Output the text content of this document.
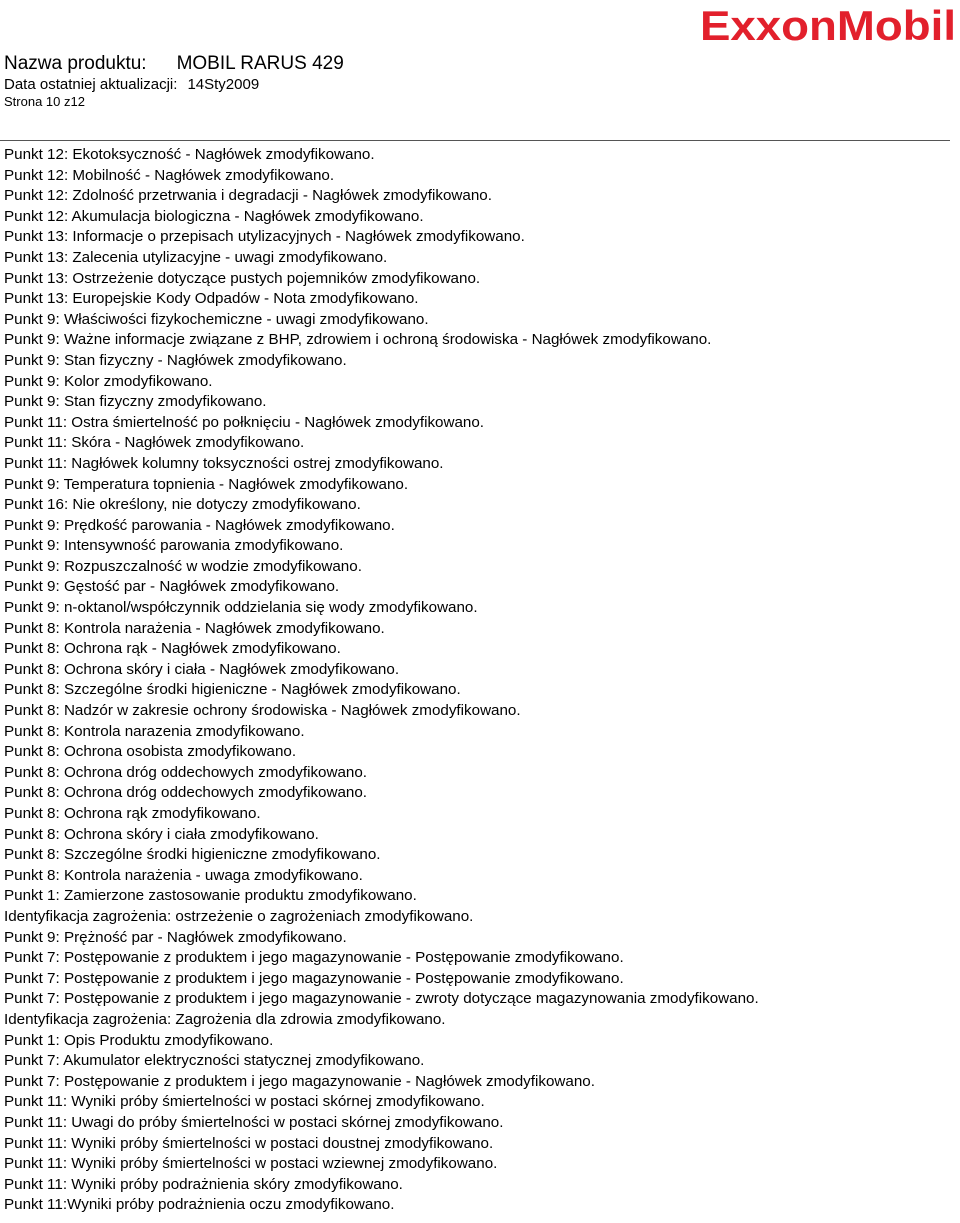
Nazwa produktu: MOBIL RARUS 429
Data ostatniej aktualizacji: 14Sty2009
Strona 10 z12
ExxonMobil
Punkt 12: Ekotoksyczność - Nagłówek zmodyfikowano.
Punkt 12: Mobilność - Nagłówek zmodyfikowano.
Punkt 12: Zdolność przetrwania i degradacji - Nagłówek zmodyfikowano.
Punkt 12: Akumulacja biologiczna - Nagłówek zmodyfikowano.
Punkt 13: Informacje o przepisach utylizacyjnych - Nagłówek zmodyfikowano.
Punkt 13: Zalecenia utylizacyjne - uwagi zmodyfikowano.
Punkt 13: Ostrzeżenie dotyczące pustych pojemników zmodyfikowano.
Punkt 13: Europejskie Kody Odpadów - Nota zmodyfikowano.
Punkt 9: Właściwości fizykochemiczne - uwagi zmodyfikowano.
Punkt 9: Ważne informacje związane z BHP, zdrowiem i ochroną środowiska - Nagłówek zmodyfikowano.
Punkt 9: Stan fizyczny - Nagłówek zmodyfikowano.
Punkt 9: Kolor zmodyfikowano.
Punkt 9: Stan fizyczny zmodyfikowano.
Punkt 11: Ostra śmiertelność po połknięciu - Nagłówek zmodyfikowano.
Punkt 11: Skóra - Nagłówek zmodyfikowano.
Punkt 11: Nagłówek kolumny toksyczności ostrej zmodyfikowano.
Punkt 9: Temperatura topnienia - Nagłówek zmodyfikowano.
Punkt 16: Nie określony, nie dotyczy zmodyfikowano.
Punkt 9: Prędkość parowania - Nagłówek zmodyfikowano.
Punkt 9: Intensywność parowania zmodyfikowano.
Punkt 9: Rozpuszczalność w wodzie zmodyfikowano.
Punkt 9: Gęstość par - Nagłówek zmodyfikowano.
Punkt 9: n-oktanol/współczynnik oddzielania się wody zmodyfikowano.
Punkt 8: Kontrola narażenia - Nagłówek zmodyfikowano.
Punkt 8: Ochrona rąk - Nagłówek zmodyfikowano.
Punkt 8: Ochrona skóry i ciała - Nagłówek zmodyfikowano.
Punkt 8: Szczególne środki higieniczne - Nagłówek zmodyfikowano.
Punkt 8: Nadzór w zakresie ochrony środowiska - Nagłówek zmodyfikowano.
Punkt 8: Kontrola narazenia zmodyfikowano.
Punkt 8: Ochrona osobista zmodyfikowano.
Punkt 8: Ochrona dróg oddechowych zmodyfikowano.
Punkt 8: Ochrona dróg oddechowych zmodyfikowano.
Punkt 8: Ochrona rąk zmodyfikowano.
Punkt 8: Ochrona skóry i ciała zmodyfikowano.
Punkt 8: Szczególne środki higieniczne zmodyfikowano.
Punkt 8: Kontrola narażenia - uwaga zmodyfikowano.
Punkt 1: Zamierzone zastosowanie produktu zmodyfikowano.
Identyfikacja zagrożenia: ostrzeżenie o zagrożeniach zmodyfikowano.
Punkt 9: Prężność par - Nagłówek zmodyfikowano.
Punkt 7: Postępowanie z produktem i jego magazynowanie - Postępowanie zmodyfikowano.
Punkt 7: Postępowanie z produktem i jego magazynowanie - Postępowanie zmodyfikowano.
Punkt 7: Postępowanie z produktem i jego magazynowanie - zwroty dotyczące magazynowania zmodyfikowano.
Identyfikacja zagrożenia: Zagrożenia dla zdrowia zmodyfikowano.
Punkt 1: Opis Produktu zmodyfikowano.
Punkt 7: Akumulator elektryczności statycznej zmodyfikowano.
Punkt 7: Postępowanie z produktem i jego magazynowanie - Nagłówek zmodyfikowano.
Punkt 11: Wyniki próby śmiertelności w postaci skórnej zmodyfikowano.
Punkt 11: Uwagi do próby śmiertelności w postaci skórnej zmodyfikowano.
Punkt 11: Wyniki próby śmiertelności w postaci doustnej zmodyfikowano.
Punkt 11: Wyniki próby śmiertelności w postaci wziewnej zmodyfikowano.
Punkt 11: Wyniki próby podrażnienia skóry zmodyfikowano.
Punkt 11:Wyniki próby podrażnienia oczu zmodyfikowano.
